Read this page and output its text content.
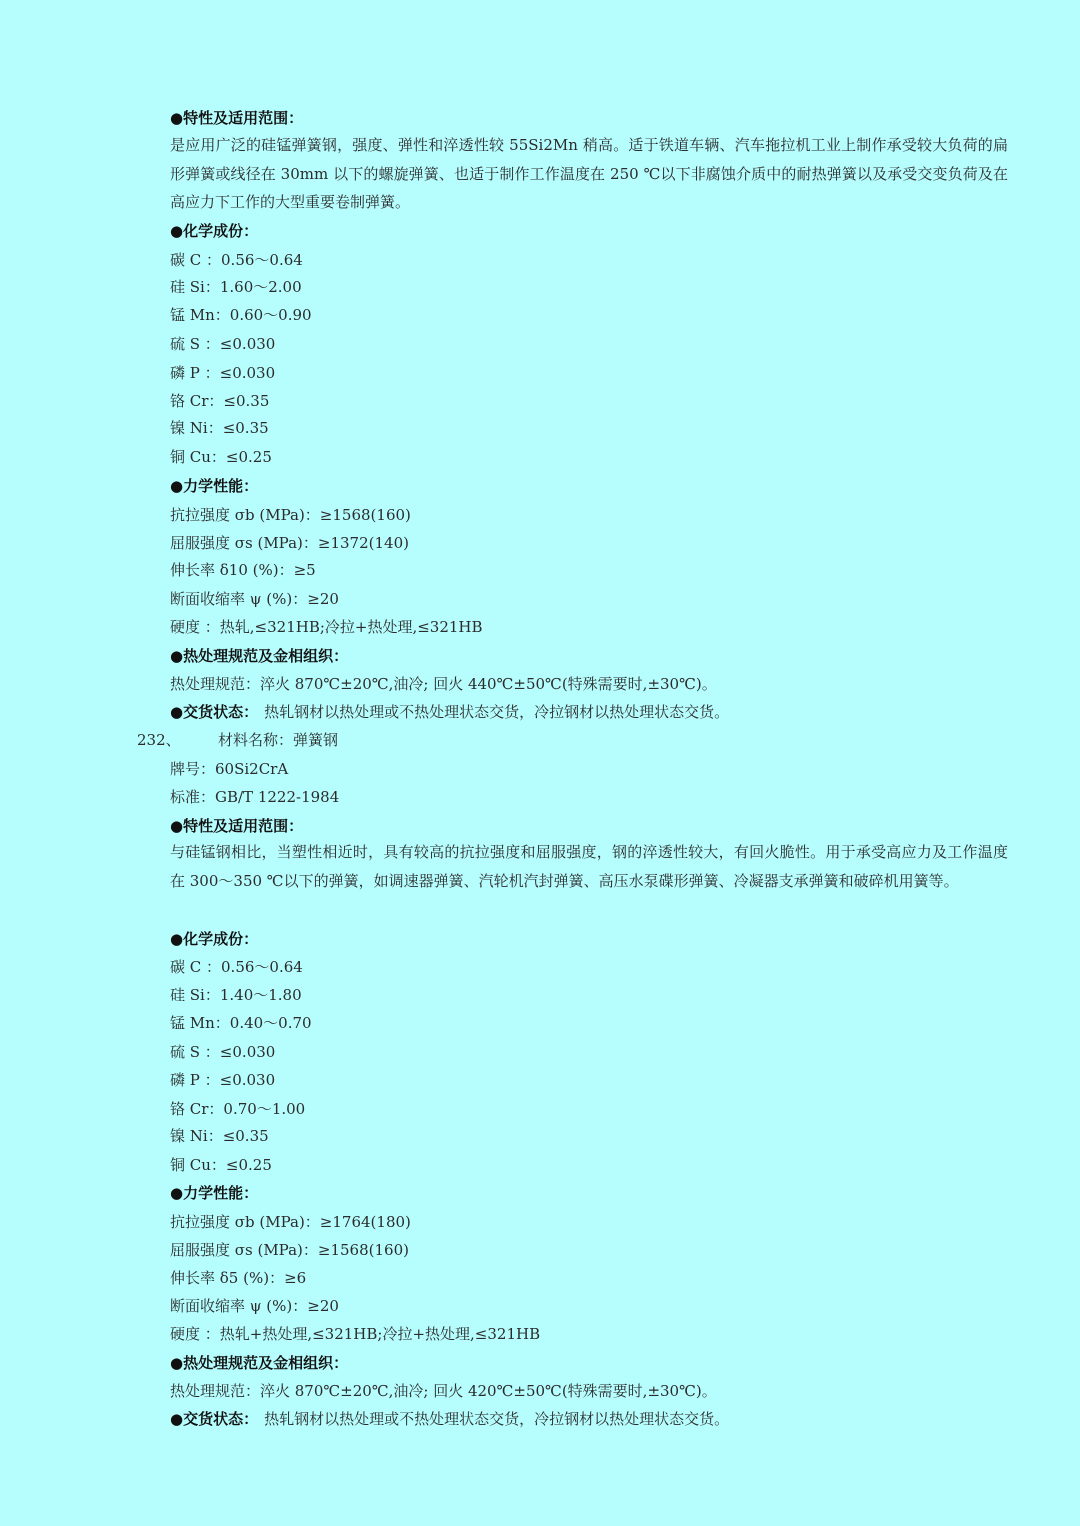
●特性及适用范围：
是应用广泛的硅锰弹簧钢，强度、弹性和淬透性较 55Si2Mn 稍高。适于铁道车辆、汽车拖拉机工业上制作承受较大负荷的扁形弹簧或线径在 30mm 以下的螺旋弹簧、也适于制作工作温度在 250 ℃以下非腐蚀介质中的耐热弹簧以及承受交变负荷及在高应力下工作的大型重要卷制弹簧。
●化学成份：
碳 C ：0.56～0.64
硅 Si：1.60～2.00
锰 Mn：0.60～0.90
硫 S ：≤0.030
磷 P ：≤0.030
铬 Cr：≤0.35
镍 Ni：≤0.35
铜 Cu：≤0.25
●力学性能：
抗拉强度 σb (MPa)：≥1568(160)
屈服强度 σs (MPa)：≥1372(140)
伸长率 δ10 (%)：≥5
断面收缩率 ψ (%)：≥20
硬度 ：热轧,≤321HB;冷拉+热处理,≤321HB
●热处理规范及金相组织：
热处理规范：淬火 870℃±20℃,油冷; 回火 440℃±50℃(特殊需要时,±30℃)。
●交货状态： 热轧钢材以热处理或不热处理状态交货，冷拉钢材以热处理状态交货。
232、 材料名称：弹簧钢
牌号：60Si2CrA
标准：GB/T 1222-1984
●特性及适用范围：
与硅锰钢相比，当塑性相近时，具有较高的抗拉强度和屈服强度，钢的淬透性较大，有回火脆性。用于承受高应力及工作温度在 300～350 ℃以下的弹簧，如调速器弹簧、汽轮机汽封弹簧、高压水泵碟形弹簧、冷凝器支承弹簧和破碎机用簧等。
●化学成份：
碳 C ：0.56～0.64
硅 Si：1.40～1.80
锰 Mn：0.40～0.70
硫 S ：≤0.030
磷 P ：≤0.030
铬 Cr：0.70～1.00
镍 Ni：≤0.35
铜 Cu：≤0.25
●力学性能：
抗拉强度 σb (MPa)：≥1764(180)
屈服强度 σs (MPa)：≥1568(160)
伸长率 δ5 (%)：≥6
断面收缩率 ψ (%)：≥20
硬度 ：热轧+热处理,≤321HB;冷拉+热处理,≤321HB
●热处理规范及金相组织：
热处理规范：淬火 870℃±20℃,油冷; 回火 420℃±50℃(特殊需要时,±30℃)。
●交货状态： 热轧钢材以热处理或不热处理状态交货，冷拉钢材以热处理状态交货。
